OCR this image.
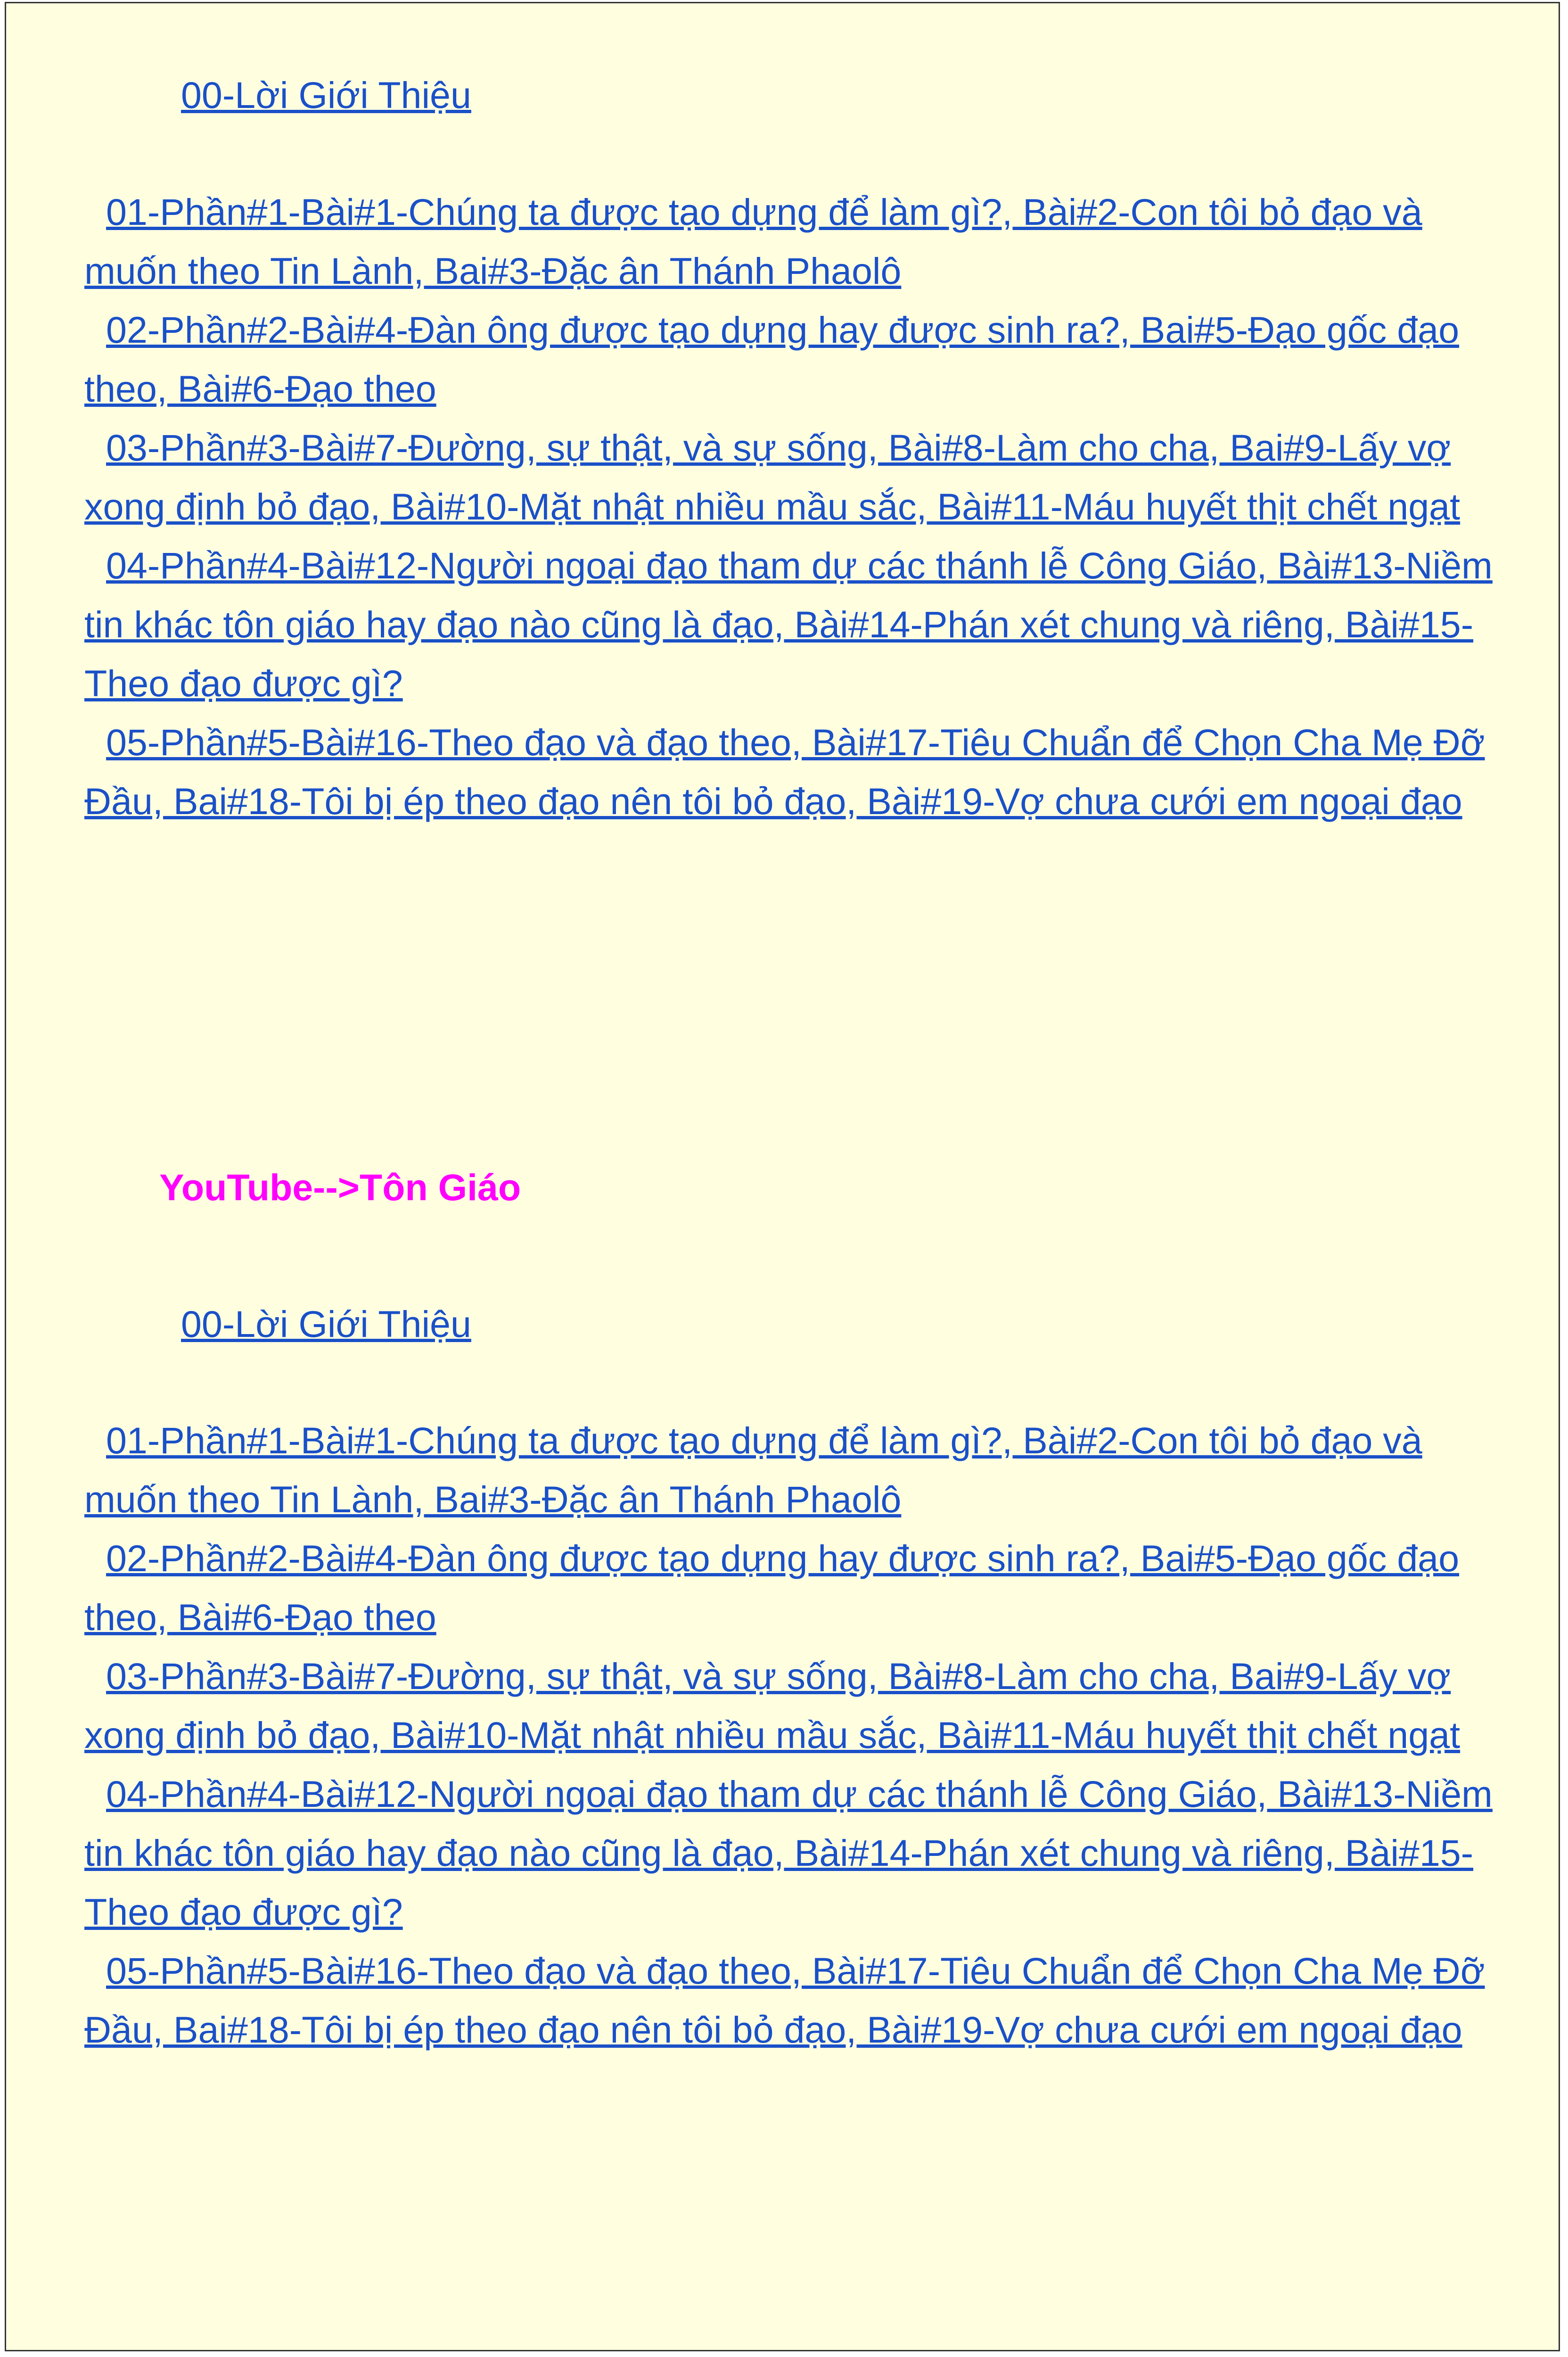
00-Lời Giới Thiệu
01-Phần#1-Bài#1-Chúng ta được tạo dựng để làm gì?, Bài#2-Con tôi bỏ đạo và muốn theo Tin Lành, Bai#3-Đặc ân Thánh Phaolô
02-Phần#2-Bài#4-Đàn ông được tạo dựng hay được sinh ra?, Bai#5-Đạo gốc đạo theo, Bài#6-Đạo theo
03-Phần#3-Bài#7-Đường, sự thật, và sự sống, Bài#8-Làm cho cha, Bai#9-Lấy vợ xong định bỏ đạo, Bài#10-Mặt nhật nhiều mầu sắc, Bài#11-Máu huyết thịt chết ngạt
04-Phần#4-Bài#12-Người ngoại đạo tham dự các thánh lễ Công Giáo, Bài#13-Niềm tin khác tôn giáo hay đạo nào cũng là đạo, Bài#14-Phán xét chung và riêng, Bài#15-Theo đạo được gì?
05-Phần#5-Bài#16-Theo đạo và đạo theo, Bài#17-Tiêu Chuẩn để Chọn Cha Mẹ Đỡ Đầu, Bai#18-Tôi bị ép theo đạo nên tôi bỏ đạo, Bài#19-Vợ chưa cưới em ngoại đạo
YouTube-->Tôn Giáo
00-Lời Giới Thiệu
01-Phần#1-Bài#1-Chúng ta được tạo dựng để làm gì?, Bài#2-Con tôi bỏ đạo và muốn theo Tin Lành, Bai#3-Đặc ân Thánh Phaolô
02-Phần#2-Bài#4-Đàn ông được tạo dựng hay được sinh ra?, Bai#5-Đạo gốc đạo theo, Bài#6-Đạo theo
03-Phần#3-Bài#7-Đường, sự thật, và sự sống, Bài#8-Làm cho cha, Bai#9-Lấy vợ xong định bỏ đạo, Bài#10-Mặt nhật nhiều mầu sắc, Bài#11-Máu huyết thịt chết ngạt
04-Phần#4-Bài#12-Người ngoại đạo tham dự các thánh lễ Công Giáo, Bài#13-Niềm tin khác tôn giáo hay đạo nào cũng là đạo, Bài#14-Phán xét chung và riêng, Bài#15-Theo đạo được gì?
05-Phần#5-Bài#16-Theo đạo và đạo theo, Bài#17-Tiêu Chuẩn để Chọn Cha Mẹ Đỡ Đầu, Bai#18-Tôi bị ép theo đạo nên tôi bỏ đạo, Bài#19-Vợ chưa cưới em ngoại đạo
